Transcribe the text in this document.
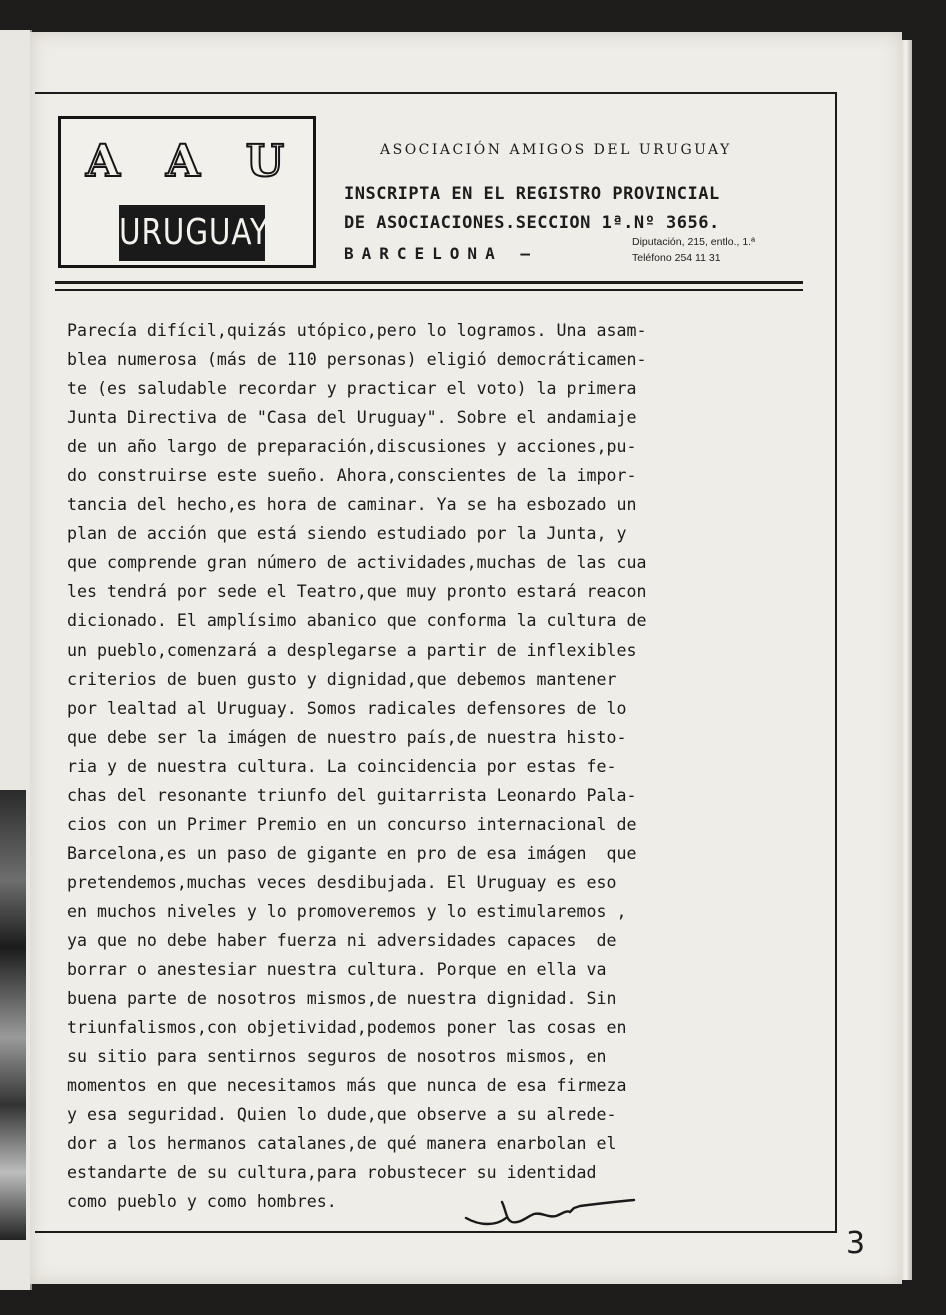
A A U
URUGUAY
ASOCIACIÓN AMIGOS DEL URUGUAY
INSCRIPTA EN EL REGISTRO PROVINCIAL
DE ASOCIACIONES.SECCION 1ª.Nº 3656.
BARCELONA —
Diputación, 215, entlo., 1.ª
Teléfono 254 11 31
Parecía difícil,quizás utópico,pero lo logramos. Una asam-
blea numerosa (más de 110 personas) eligió democráticamen-
te (es saludable recordar y practicar el voto) la primera
Junta Directiva de "Casa del Uruguay". Sobre el andamiaje
de un año largo de preparación,discusiones y acciones,pu-
do construirse este sueño. Ahora,conscientes de la impor-
tancia del hecho,es hora de caminar. Ya se ha esbozado un
plan de acción que está siendo estudiado por la Junta, y
que comprende gran número de actividades,muchas de las cua
les tendrá por sede el Teatro,que muy pronto estará reacon
dicionado. El amplísimo abanico que conforma la cultura de
un pueblo,comenzará a desplegarse a partir de inflexibles
criterios de buen gusto y dignidad,que debemos mantener
por lealtad al Uruguay. Somos radicales defensores de lo
que debe ser la imágen de nuestro país,de nuestra histo-
ria y de nuestra cultura. La coincidencia por estas fe-
chas del resonante triunfo del guitarrista Leonardo Pala-
cios con un Primer Premio en un concurso internacional de
Barcelona,es un paso de gigante en pro de esa imágen  que
pretendemos,muchas veces desdibujada. El Uruguay es eso
en muchos niveles y lo promoveremos y lo estimularemos ,
ya que no debe haber fuerza ni adversidades capaces  de
borrar o anestesiar nuestra cultura. Porque en ella va
buena parte de nosotros mismos,de nuestra dignidad. Sin
triunfalismos,con objetividad,podemos poner las cosas en
su sitio para sentirnos seguros de nosotros mismos, en
momentos en que necesitamos más que nunca de esa firmeza
y esa seguridad. Quien lo dude,que observe a su alrede-
dor a los hermanos catalanes,de qué manera enarbolan el
estandarte de su cultura,para robustecer su identidad
como pueblo y como hombres.
3
